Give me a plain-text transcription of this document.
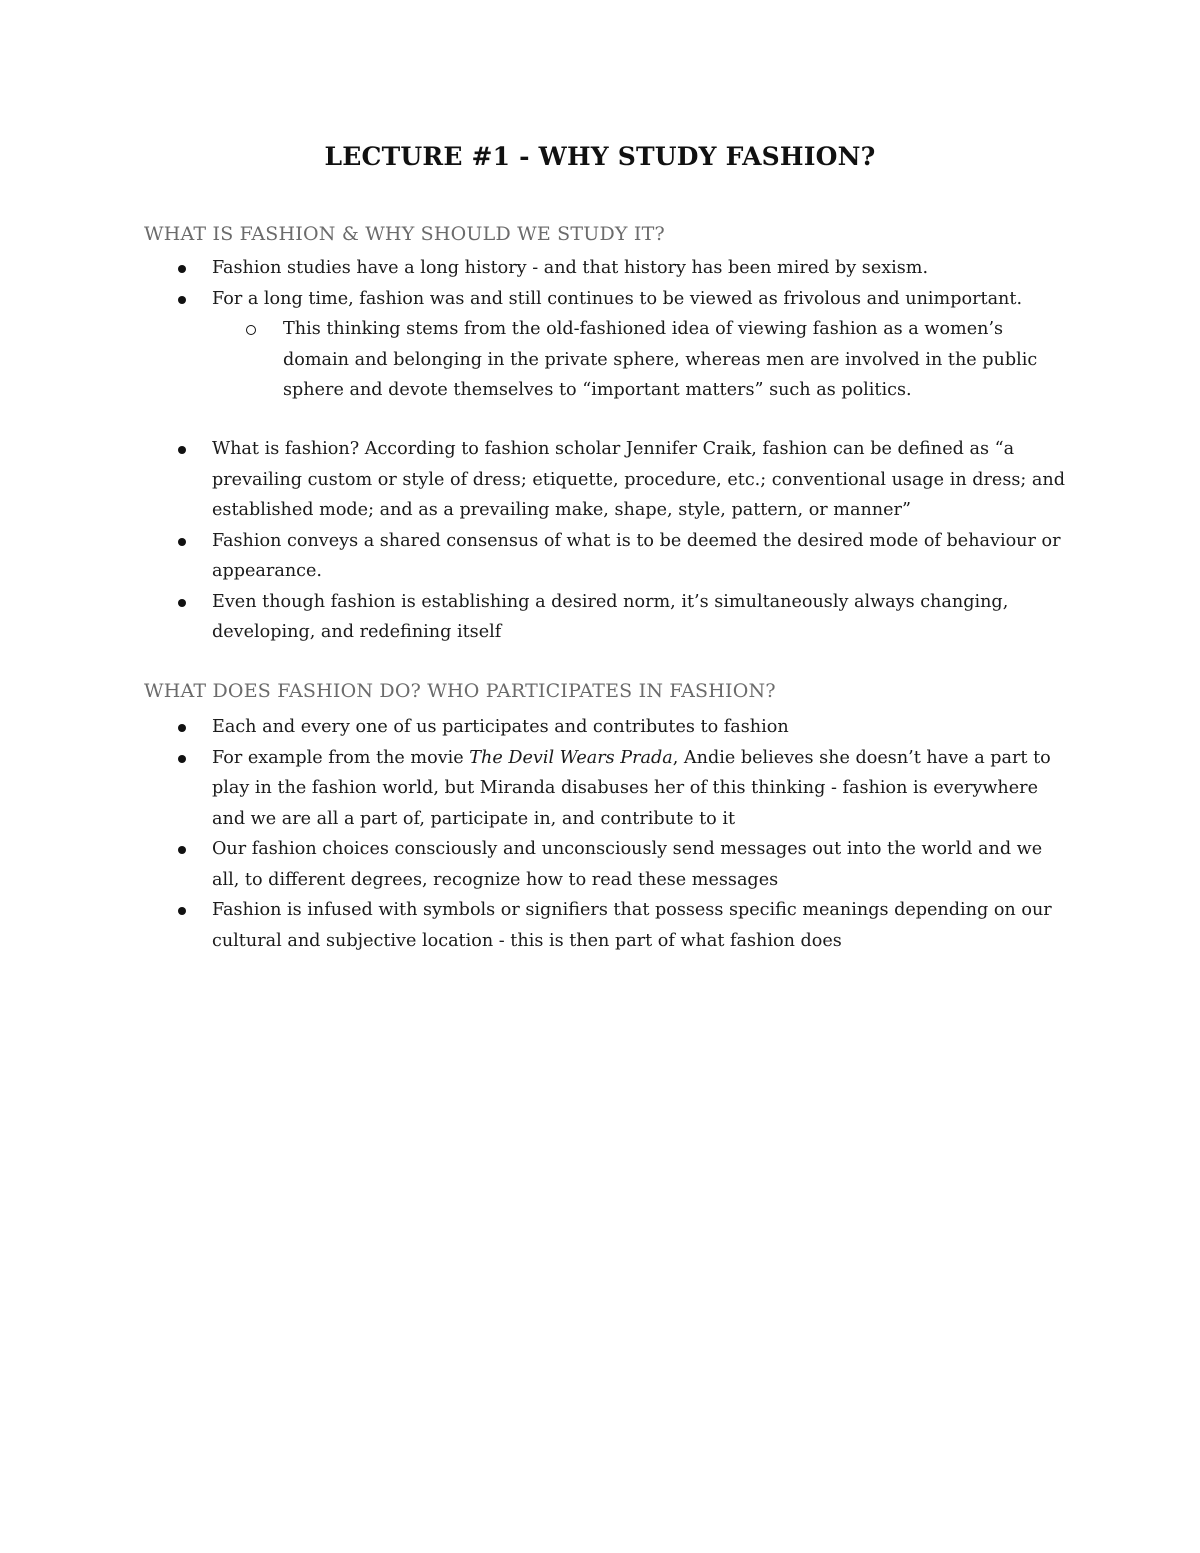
LECTURE #1 - WHY STUDY FASHION?
WHAT IS FASHION & WHY SHOULD WE STUDY IT?
Fashion studies have a long history - and that history has been mired by sexism.
For a long time, fashion was and still continues to be viewed as frivolous and unimportant.
This thinking stems from the old-fashioned idea of viewing fashion as a women’s domain and belonging in the private sphere, whereas men are involved in the public sphere and devote themselves to “important matters” such as politics.
What is fashion? According to fashion scholar Jennifer Craik, fashion can be defined as “a prevailing custom or style of dress; etiquette, procedure, etc.; conventional usage in dress; and established mode; and as a prevailing make, shape, style, pattern, or manner”
Fashion conveys a shared consensus of what is to be deemed the desired mode of behaviour or appearance.
Even though fashion is establishing a desired norm, it’s simultaneously always changing, developing, and redefining itself
WHAT DOES FASHION DO? WHO PARTICIPATES IN FASHION?
Each and every one of us participates and contributes to fashion
For example from the movie The Devil Wears Prada, Andie believes she doesn’t have a part to play in the fashion world, but Miranda disabuses her of this thinking - fashion is everywhere and we are all a part of, participate in, and contribute to it
Our fashion choices consciously and unconsciously send messages out into the world and we all, to different degrees, recognize how to read these messages
Fashion is infused with symbols or signifiers that possess specific meanings depending on our cultural and subjective location - this is then part of what fashion does
